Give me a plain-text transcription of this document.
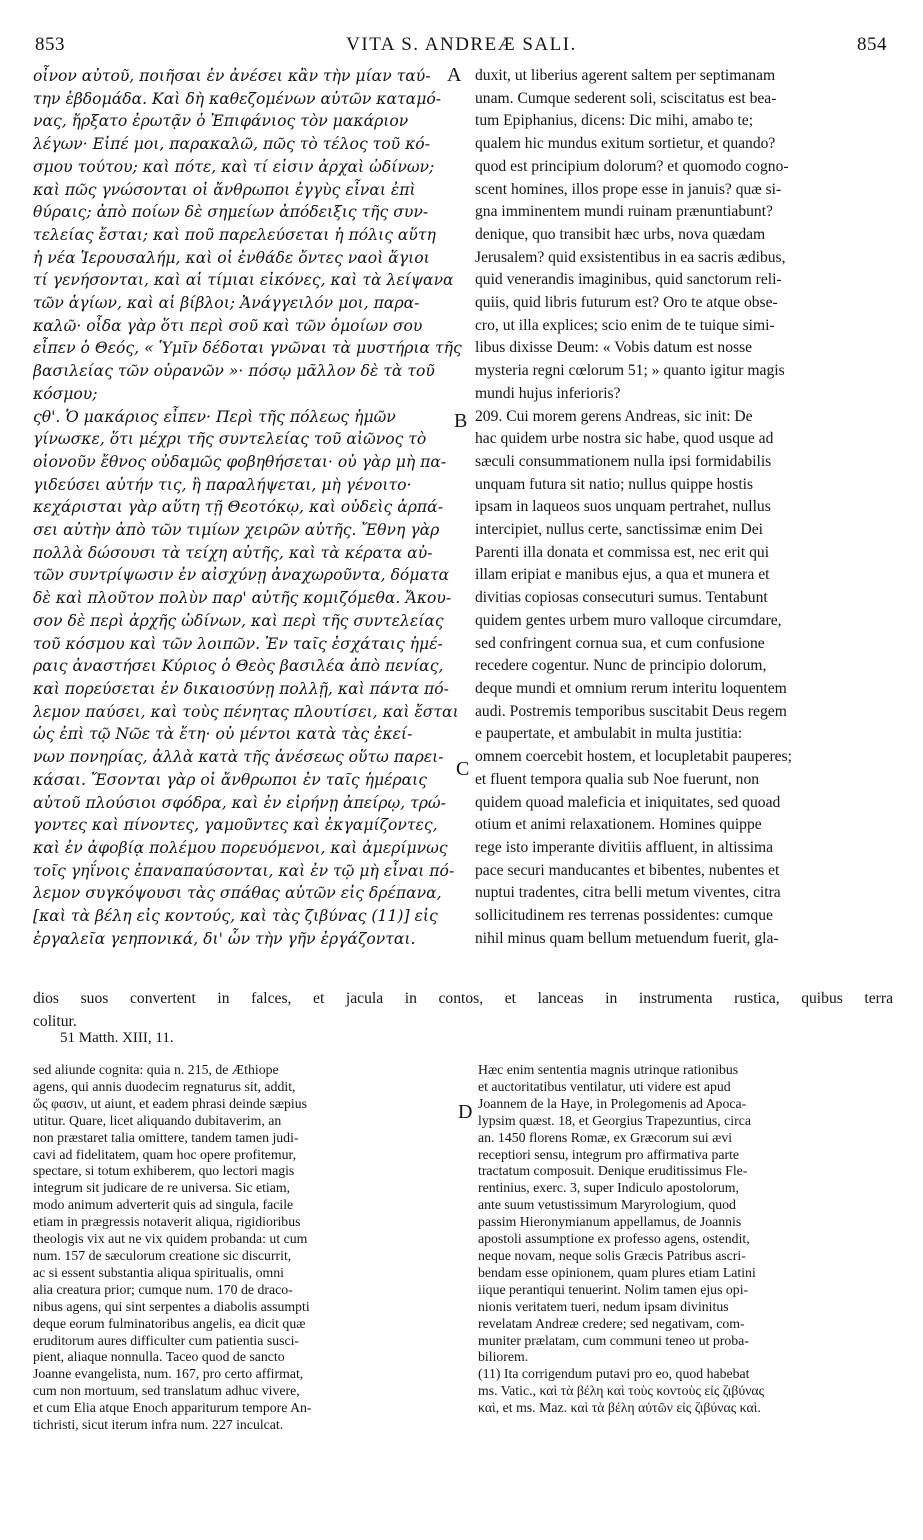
853	VITA S. ANDREÆ SALI.	854
οἶνον αὐτοῦ, ποιῆσαι ἐν ἀνέσει κἂν τὴν μίαν ταύ-
την ἑβδομάδα. Καὶ δὴ καθεζομένων αὐτῶν καταμό-
νας, ἤρξατο ἐρωτᾷν ὁ Ἐπιφάνιος τὸν μακάριον
λέγων· Εἰπέ μοι, παρακαλῶ, πῶς τὸ τέλος τοῦ κό-
σμου τούτου; καὶ πότε, καὶ τί εἰσιν ἀρχαὶ ὠδίνων;
καὶ πῶς γνώσονται οἱ ἄνθρωποι ἐγγὺς εἶναι ἐπὶ
θύραις; ἀπὸ ποίων δὲ σημείων ἀπόδειξις τῆς συν-
τελείας ἔσται; καὶ ποῦ παρελεύσεται ἡ πόλις αὕτη
ἡ νέα Ἱερουσαλήμ, καὶ οἱ ἐνθάδε ὄντες ναοὶ ἅγιοι
τί γενήσονται, καὶ αἱ τίμιαι εἰκόνες, καὶ τὰ λείψανα
τῶν ἁγίων, καὶ αἱ βίβλοι; Ἀνάγγειλόν μοι, παρα-
καλῶ· οἶδα γὰρ ὅτι περὶ σοῦ καὶ τῶν ὁμοίων σου
εἶπεν ὁ Θεός, « Ὑμῖν δέδοται γνῶναι τὰ μυστήρια τῆς
βασιλείας τῶν οὐρανῶν »· πόσῳ μᾶλλον δὲ τὰ τοῦ
κόσμου;
ςθ'. Ὁ μακάριος εἶπεν· Περὶ τῆς πόλεως ἡμῶν
γίνωσκε, ὅτι μέχρι τῆς συντελείας τοῦ αἰῶνος τὸ
οἱονοῦν ἔθνος οὐδαμῶς φοβηθήσεται· οὐ γὰρ μὴ πα-
γιδεύσει αὐτήν τις, ἢ παραλήψεται, μὴ γένοιτο·
κεχάρισται γὰρ αὕτη τῇ Θεοτόκῳ, καὶ οὐδεὶς ἁρπά-
σει αὐτὴν ἀπὸ τῶν τιμίων χειρῶν αὐτῆς. Ἔθνη γὰρ
πολλὰ δώσουσι τὰ τείχη αὐτῆς, καὶ τὰ κέρατα αὐ-
τῶν συντρίψωσιν ἐν αἰσχύνῃ ἀναχωροῦντα, δόματα
δὲ καὶ πλοῦτον πολὺν παρ' αὐτῆς κομιζόμεθα. Ἄκου-
σον δὲ περὶ ἀρχῆς ὠδίνων, καὶ περὶ τῆς συντελείας
τοῦ κόσμου καὶ τῶν λοιπῶν. Ἐν ταῖς ἐσχάταις ἡμέ-
ραις ἀναστήσει Κύριος ὁ Θεὸς βασιλέα ἀπὸ πενίας,
καὶ πορεύσεται ἐν δικαιοσύνῃ πολλῇ, καὶ πάντα πό-
λεμον παύσει, καὶ τοὺς πένητας πλουτίσει, καὶ ἔσται
ὡς ἐπὶ τῷ Νῶε τὰ ἔτη· οὐ μέντοι κατὰ τὰς ἐκεί-
νων πονηρίας, ἀλλὰ κατὰ τῆς ἀνέσεως οὕτω παρει-
κάσαι. Ἔσονται γὰρ οἱ ἄνθρωποι ἐν ταῖς ἡμέραις
αὐτοῦ πλούσιοι σφόδρα, καὶ ἐν εἰρήνῃ ἀπείρῳ, τρώ-
γοντες καὶ πίνοντες, γαμοῦντες καὶ ἐκγαμίζοντες,
καὶ ἐν ἀφοβίᾳ πολέμου πορευόμενοι, καὶ ἀμερίμνως
τοῖς γηΐνοις ἐπαναπαύσονται, καὶ ἐν τῷ μὴ εἶναι πό-
λεμον συγκόψουσι τὰς σπάθας αὐτῶν εἰς δρέπανα,
[καὶ τὰ βέλη εἰς κοντούς, καὶ τὰς ζιβύνας (11)] εἰς
ἐργαλεῖα γεηπονικά, δι' ὧν τὴν γῆν ἐργάζονται.
duxit, ut liberius agerent saltem per septimanam
unam. Cumque sederent soli, sciscitatus est bea-
tum Epiphanius, dicens: Dic mihi, amabo te;
qualem hic mundus exitum sortietur, et quando?
quod est principium dolorum? et quomodo cogno-
scent homines, illos prope esse in januis? quæ si-
gna imminentem mundi ruinam prænuntiabunt?
denique, quo transibit hæc urbs, nova quædam
Jerusalem? quid exsistentibus in ea sacris ædibus,
quid venerandis imaginibus, quid sanctorum reli-
quiis, quid libris futurum est? Oro te atque obse-
cro, ut illa explices; scio enim de te tuique simi-
libus dixisse Deum: « Vobis datum est nosse
mysteria regni cœlorum 51; » quanto igitur magis
mundi hujus inferioris?
209. Cui morem gerens Andreas, sic init: De
hac quidem urbe nostra sic habe, quod usque ad
sæculi consummationem nulla ipsi formidabilis
unquam futura sit natio; nullus quippe hostis
ipsam in laqueos suos unquam pertrahet, nullus
intercipiet, nullus certe, sanctissimæ enim Dei
Parenti illa donata et commissa est, nec erit qui
illam eripiat e manibus ejus, a qua et munera et
divitias copiosas consecuturi sumus. Tentabunt
quidem gentes urbem muro valloque circumdare,
sed confringent cornua sua, et cum confusione
recedere cogentur. Nunc de principio dolorum,
deque mundi et omnium rerum interitu loquentem
audi. Postremis temporibus suscitabit Deus regem
e paupertate, et ambulabit in multa justitia:
omnem coercebit hostem, et locupletabit pauperes;
et fluent tempora qualia sub Noe fuerunt, non
quidem quoad maleficia et iniquitates, sed quoad
otium et animi relaxationem. Homines quippe
rege isto imperante divitiis affluent, in altissima
pace securi manducantes et bibentes, nubentes et
nuptui tradentes, citra belli metum viventes, citra
sollicitudinem res terrenas possidentes: cumque
nihil minus quam bellum metuendum fuerit, gla-
A
B
C
D
dios suos convertent in falces, et jacula in contos, et lanceas in instrumenta rustica, quibus terra
colitur.
51 Matth. XIII, 11.
sed aliunde cognita: quia n. 215, de Æthiope
agens, qui annis duodecim regnaturus sit, addit,
ὥς φασιν, ut aiunt, et eadem phrasi deinde sæpius
utitur. Quare, licet aliquando dubitaverim, an
non præstaret talia omittere, tandem tamen judi-
cavi ad fidelitatem, quam hoc opere profitemur,
spectare, si totum exhiberem, quo lectori magis
integrum sit judicare de re universa. Sic etiam,
modo animum adverterit quis ad singula, facile
etiam in prægressis notaverit aliqua, rigidioribus
theologis vix aut ne vix quidem probanda: ut cum
num. 157 de sæculorum creatione sic discurrit,
ac si essent substantia aliqua spiritualis, omni
alia creatura prior; cumque num. 170 de draco-
nibus agens, qui sint serpentes a diabolis assumpti
deque eorum fulminatoribus angelis, ea dicit quæ
eruditorum aures difficulter cum patientia susci-
pient, aliaque nonnulla. Taceo quod de sancto
Joanne evangelista, num. 167, pro certo affirmat,
cum non mortuum, sed translatum adhuc vivere,
et cum Elia atque Enoch appariturum tempore An-
tichristi, sicut iterum infra num. 227 inculcat.
Hæc enim sententia magnis utrinque rationibus
et auctoritatibus ventilatur, uti videre est apud
Joannem de la Haye, in Prolegomenis ad Apoca-
lypsim quæst. 18, et Georgius Trapezuntius, circa
an. 1450 florens Romæ, ex Græcorum sui ævi
receptiori sensu, integrum pro affirmativa parte
tractatum composuit. Denique eruditissimus Fle-
rentinius, exerc. 3, super Indiculo apostolorum,
ante suum vetustissimum Maryrologium, quod
passim Hieronymianum appellamus, de Joannis
apostoli assumptione ex professo agens, ostendit,
neque novam, neque solis Græcis Patribus ascri-
bendam esse opinionem, quam plures etiam Latini
iique perantiqui tenuerint. Nolim tamen ejus opi-
nionis veritatem tueri, nedum ipsam divinitus
revelatam Andreæ credere; sed negativam, com-
muniter prælatam, cum communi teneo ut proba-
biliorem.
(11) Ita corrigendum putavi pro eo, quod habebat
ms. Vatic., καὶ τὰ βέλη καὶ τοὺς κοντοὺς εἰς ζιβύνας
καὶ, et ms. Maz. καὶ τὰ βέλη αὐτῶν εἰς ζιβύνας καὶ.
